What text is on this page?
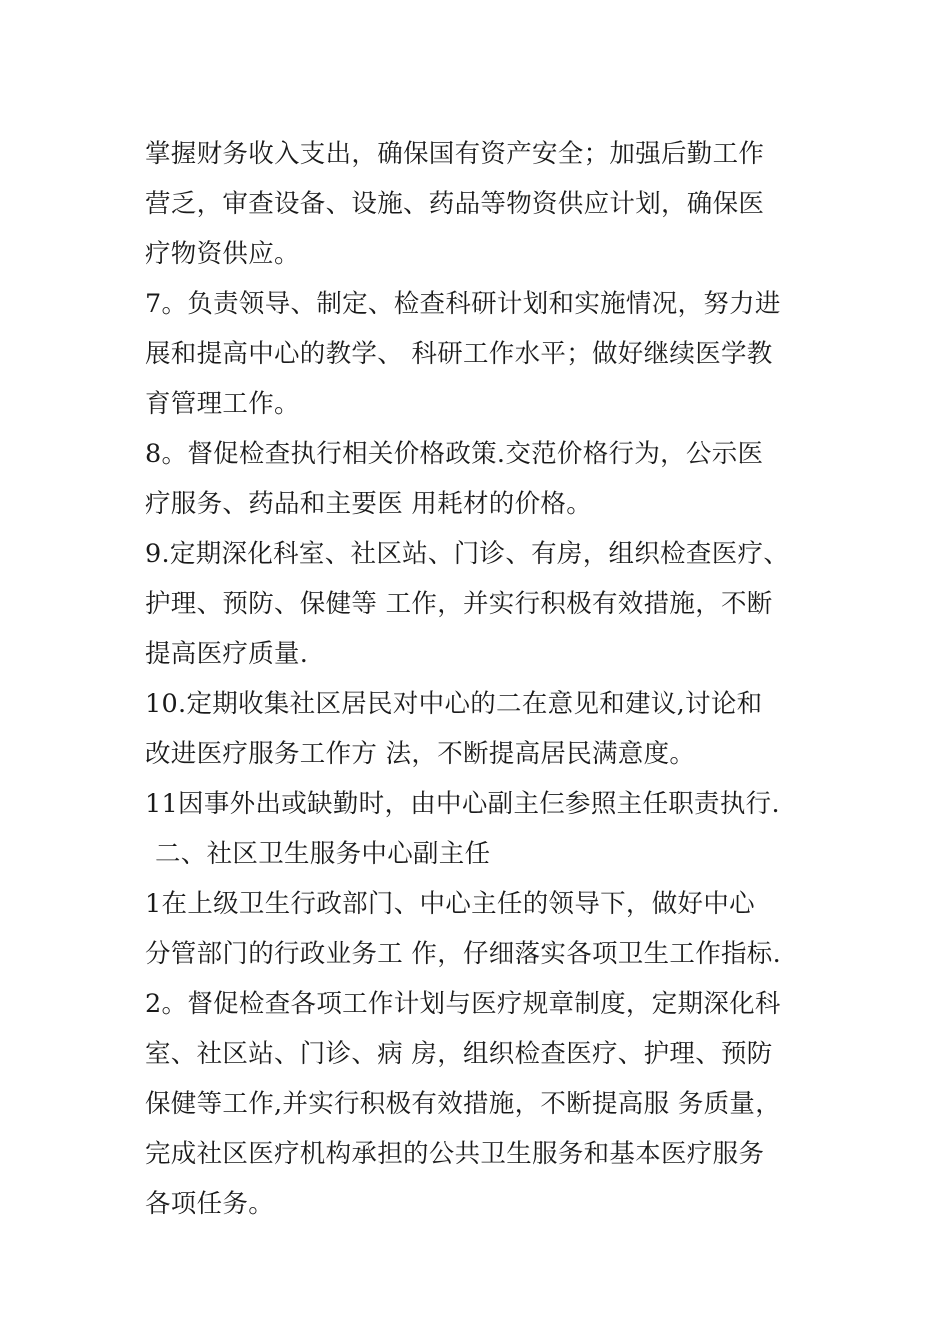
掌握财务收入支出，确保国有资产安全；加强后勤工作
营乏，审查设备、设施、药品等物资供应计划，确保医
疗物资供应。
7。负责领导、制定、检查科研计划和实施情况，努力进
展和提高中心的教学、 科研工作水平；做好继续医学教
育管理工作。
8。督促检查执行相关价格政策.交范价格行为，公示医
疗服务、药品和主要医 用耗材的价格。
9.定期深化科室、社区站、门诊、有房，组织检查医疗、
护理、预防、保健等 工作，并实行积极有效措施，不断
提高医疗质量.
10.定期收集社区居民对中心的二在意见和建议,讨论和
改进医疗服务工作方 法，不断提高居民满意度。
11因事外出或缺勤时，由中心副主仨参照主任职责执行.
二、社区卫生服务中心副主任
1在上级卫生行政部门、中心主任的领导下，做好中心
分管部门的行政业务工 作，仔细落实各项卫生工作指标.
2。督促检查各项工作计划与医疗规章制度，定期深化科
室、社区站、门诊、病 房，组织检查医疗、护理、预防
保健等工作,并实行积极有效措施，不断提高服 务质量，
完成社区医疗机构承担的公共卫生服务和基本医疗服务
各项任务。
